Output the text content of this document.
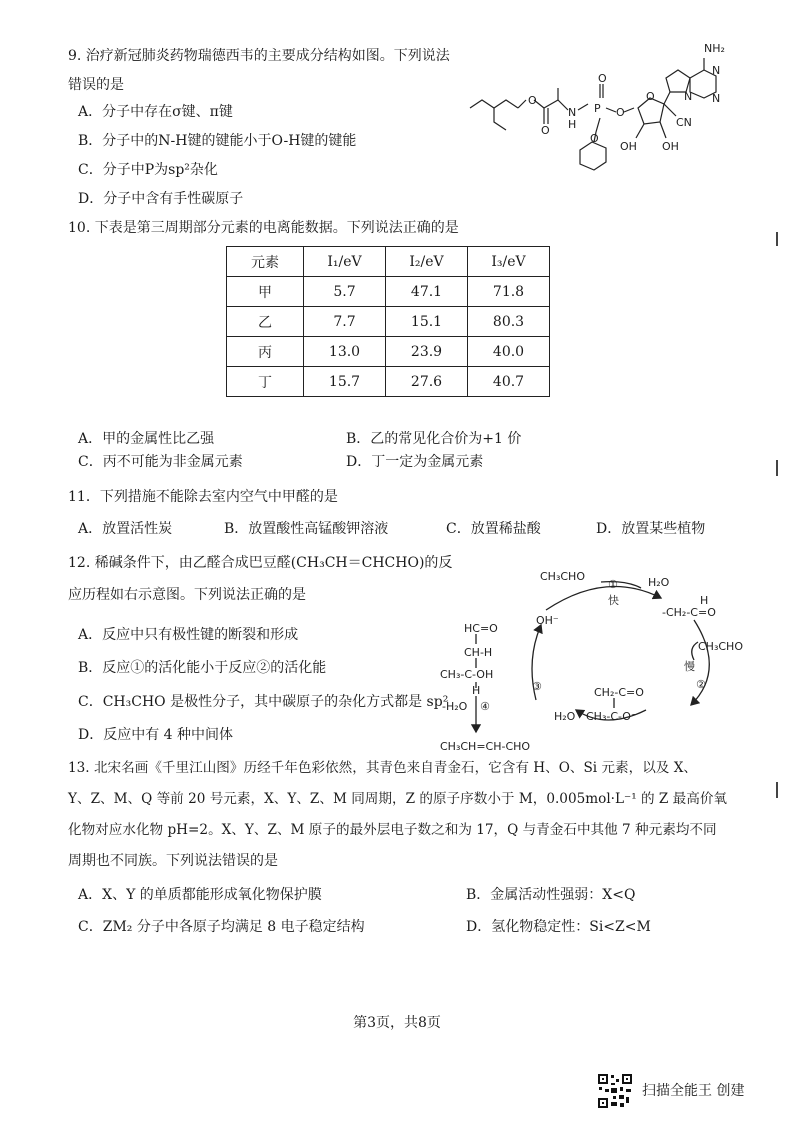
9. 治疗新冠肺炎药物瑞德西韦的主要成分结构如图。下列说法
错误的是
A．分子中存在σ键、π键
B．分子中的N-H键的键能小于O-H键的键能
C．分子中P为sp²杂化
D．分子中含有手性碳原子
NH₂
O
O
N
H
P
O
O
O
O
OH OH
CN
N
N
N
10. 下表是第三周期部分元素的电离能数据。下列说法正确的是
元素	I₁/eV	I₂/eV	I₃/eV
甲	5.7	47.1	71.8
乙	7.7	15.1	80.3
丙	13.0	23.9	40.0
丁	15.7	27.6	40.7
A．甲的金属性比乙强	B．乙的常见化合价为+1 价
C．丙不可能为非金属元素	D．丁一定为金属元素
11．下列措施不能除去室内空气中甲醛的是
A．放置活性炭	B．放置酸性高锰酸钾溶液	C．放置稀盐酸	D．放置某些植物
12. 稀碱条件下，由乙醛合成巴豆醛(CH₃CH＝CHCHO)的反
应历程如右示意图。下列说法正确的是
A．反应中只有极性键的断裂和形成
B．反应①的活化能小于反应②的活化能
C．CH₃CHO 是极性分子，其中碳原子的杂化方式都是 sp²
D．反应中有 4 种中间体
CH₃CHO
①
快
H₂O
OH⁻
-CH₂-C=O
H
CH₃CHO
慢
②
③
④
H₂O
-H₂O
CH₃-C-O⁻
CH₂-C=O
HC=O
CH-H
CH₃-C-OH
H
CH₃CH=CH-CHO
13. 北宋名画《千里江山图》历经千年色彩依然，其青色来自青金石，它含有 H、O、Si 元素，以及 X、
Y、Z、M、Q 等前 20 号元素，X、Y、Z、M 同周期，Z 的原子序数小于 M，0.005mol·L⁻¹ 的 Z 最高价氧
化物对应水化物 pH=2。X、Y、Z、M 原子的最外层电子数之和为 17，Q 与青金石中其他 7 种元素均不同
周期也不同族。下列说法错误的是
A．X、Y 的单质都能形成氧化物保护膜	B．金属活动性强弱：X<Q
C．ZM₂ 分子中各原子均满足 8 电子稳定结构	D．氢化物稳定性：Si<Z<M
第3页，共8页
扫描全能王 创建
